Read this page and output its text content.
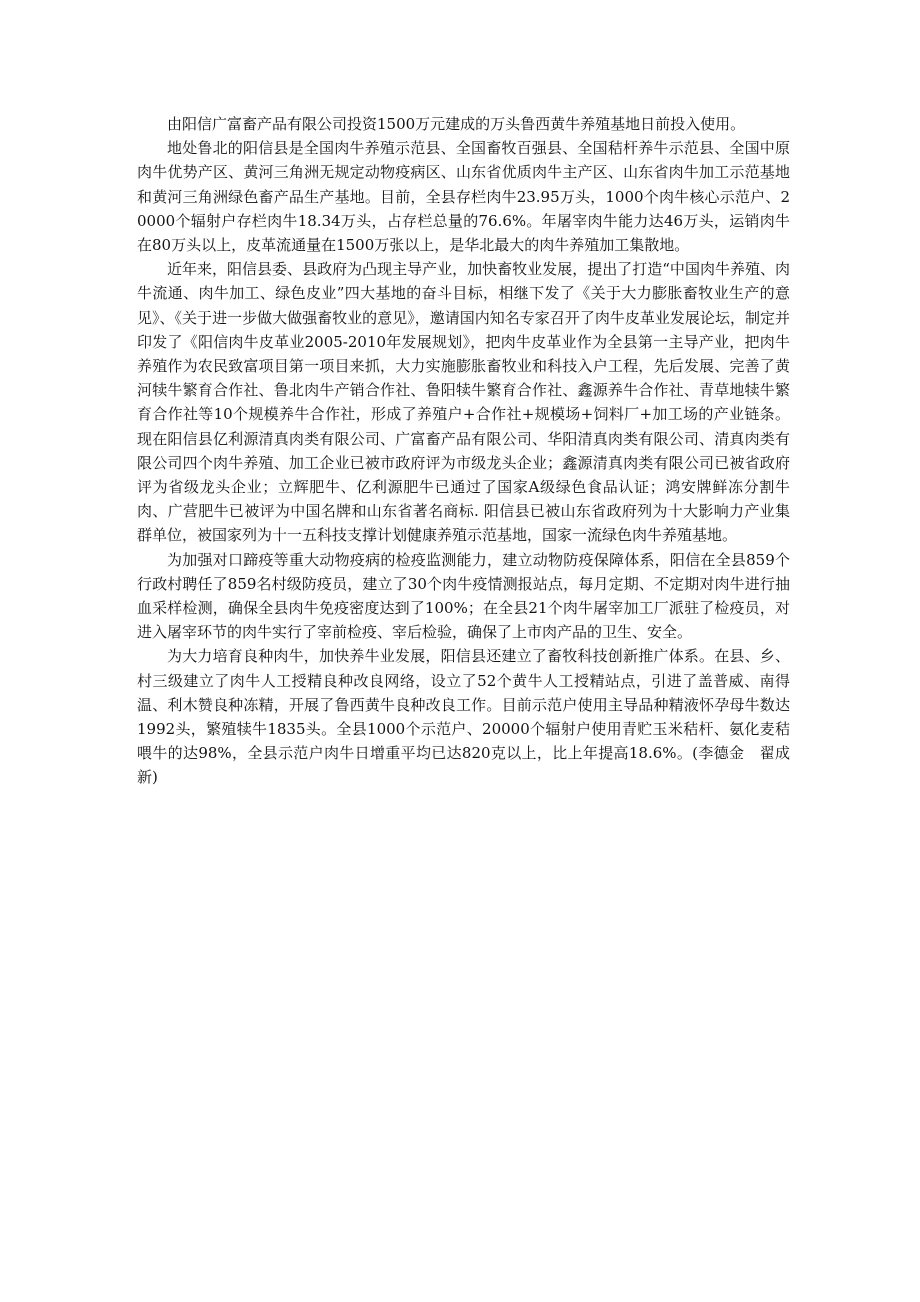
由阳信广富畜产品有限公司投资1500万元建成的万头鲁西黄牛养殖基地日前投入使用。

地处鲁北的阳信县是全国肉牛养殖示范县、全国畜牧百强县、全国秸杆养牛示范县、全国中原肉牛优势产区、黄河三角洲无规定动物疫病区、山东省优质肉牛主产区、山东省肉牛加工示范基地和黄河三角洲绿色畜产品生产基地。目前，全县存栏肉牛23.95万头，1000个肉牛核心示范户、20000个辐射户存栏肉牛18.34万头，占存栏总量的76.6%。年屠宰肉牛能力达46万头，运销肉牛在80万头以上，皮革流通量在1500万张以上，是华北最大的肉牛养殖加工集散地。

近年来，阳信县委、县政府为凸现主导产业，加快畜牧业发展，提出了打造“中国肉牛养殖、肉牛流通、肉牛加工、绿色皮业”四大基地的奋斗目标，相继下发了《关于大力膨胀畜牧业生产的意见》、《关于进一步做大做强畜牧业的意见》，邀请国内知名专家召开了肉牛皮革业发展论坛，制定并印发了《阳信肉牛皮革业2005-2010年发展规划》，把肉牛皮革业作为全县第一主导产业，把肉牛养殖作为农民致富项目第一项目来抓，大力实施膨胀畜牧业和科技入户工程，先后发展、完善了黄河犊牛繁育合作社、鲁北肉牛产销合作社、鲁阳犊牛繁育合作社、鑫源养牛合作社、青草地犊牛繁育合作社等10个规模养牛合作社，形成了养殖户+合作社+规模场+饲料厂+加工场的产业链条。现在阳信县亿利源清真肉类有限公司、广富畜产品有限公司、华阳清真肉类有限公司、清真肉类有限公司四个肉牛养殖、加工企业已被市政府评为市级龙头企业；鑫源清真肉类有限公司已被省政府评为省级龙头企业；立辉肥牛、亿利源肥牛已通过了国家A级绿色食品认证；鸿安牌鲜冻分割牛肉、广营肥牛已被评为中国名牌和山东省著名商标. 阳信县已被山东省政府列为十大影响力产业集群单位，被国家列为十一五科技支撑计划健康养殖示范基地，国家一流绿色肉牛养殖基地。

为加强对口蹄疫等重大动物疫病的检疫监测能力，建立动物防疫保障体系，阳信在全县859个行政村聘任了859名村级防疫员，建立了30个肉牛疫情测报站点，每月定期、不定期对肉牛进行抽血采样检测，确保全县肉牛免疫密度达到了100%；在全县21个肉牛屠宰加工厂派驻了检疫员，对进入屠宰环节的肉牛实行了宰前检疫、宰后检验，确保了上市肉产品的卫生、安全。

为大力培育良种肉牛，加快养牛业发展，阳信县还建立了畜牧科技创新推广体系。在县、乡、村三级建立了肉牛人工授精良种改良网络，设立了52个黄牛人工授精站点，引进了盖普威、南得温、利木赞良种冻精，开展了鲁西黄牛良种改良工作。目前示范户使用主导品种精液怀孕母牛数达1992头，繁殖犊牛1835头。全县1000个示范户、20000个辐射户使用青贮玉米秸杆、氨化麦秸喂牛的达98%，全县示范户肉牛日增重平均已达820克以上，比上年提高18.6%。(李德金　翟成新)
